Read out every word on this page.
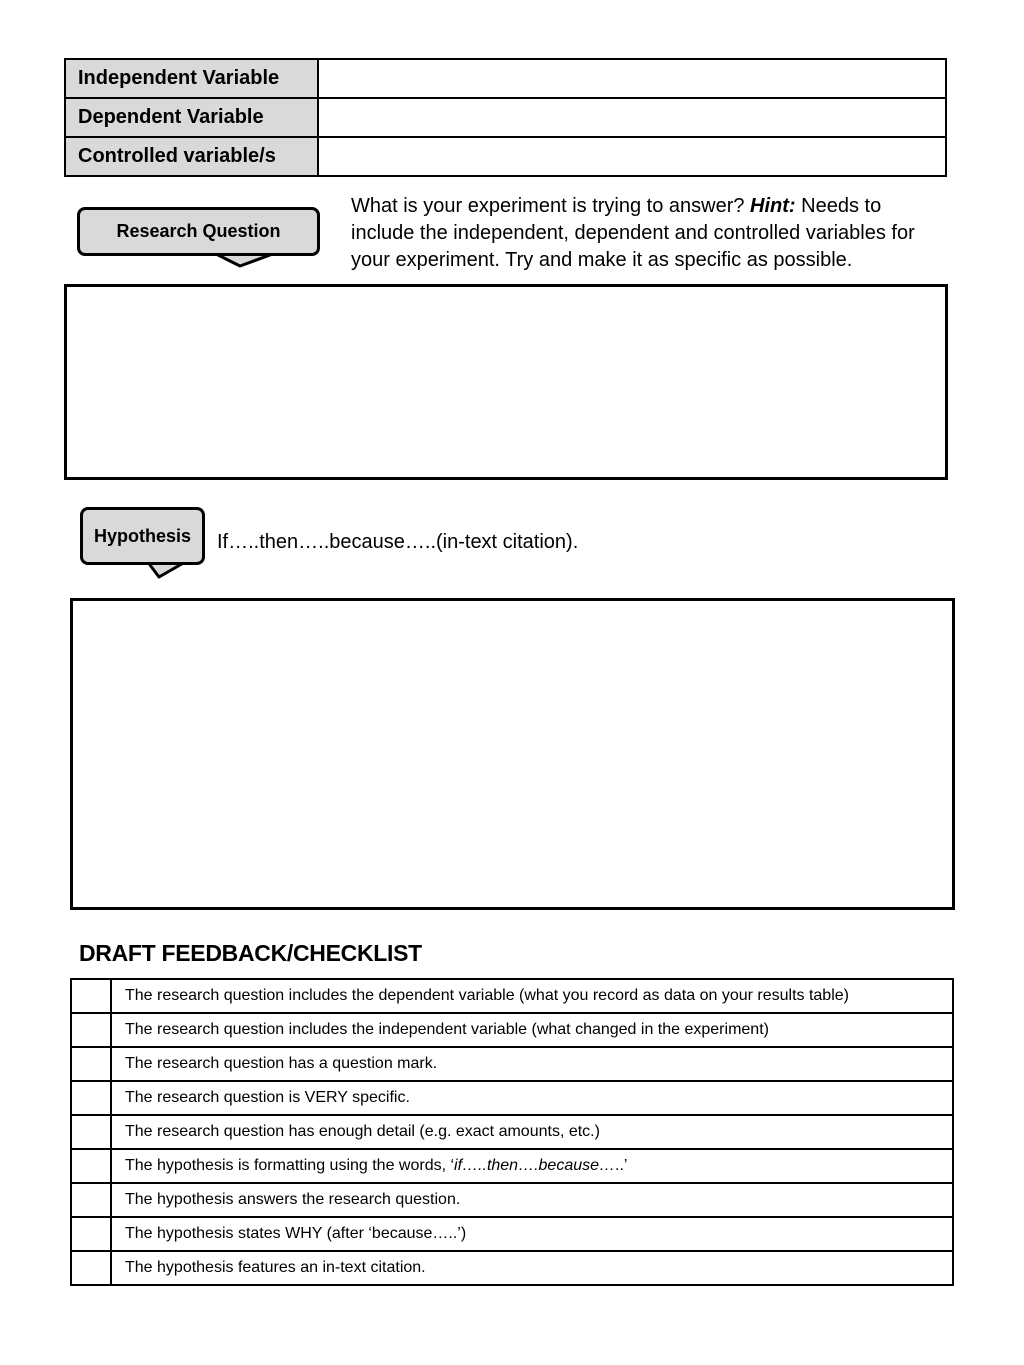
Independent Variable	
Dependent Variable	
Controlled variable/s	
Research Question
What is your experiment is trying to answer? Hint: Needs to include the independent, dependent and controlled variables for your experiment. Try and make it as specific as possible.
Hypothesis If…..then…..because…..(in-text citation).
DRAFT FEEDBACK/CHECKLIST
	The research question includes the dependent variable (what you record as data on your results table)
	The research question includes the independent variable (what changed in the experiment)
	The research question has a question mark.
	The research question is VERY specific.
	The research question has enough detail (e.g. exact amounts, etc.)
	The hypothesis is formatting using the words, ‘if…..then….because…..’
	The hypothesis answers the research question.
	The hypothesis states WHY (after ‘because…..’)
	The hypothesis features an in-text citation.
